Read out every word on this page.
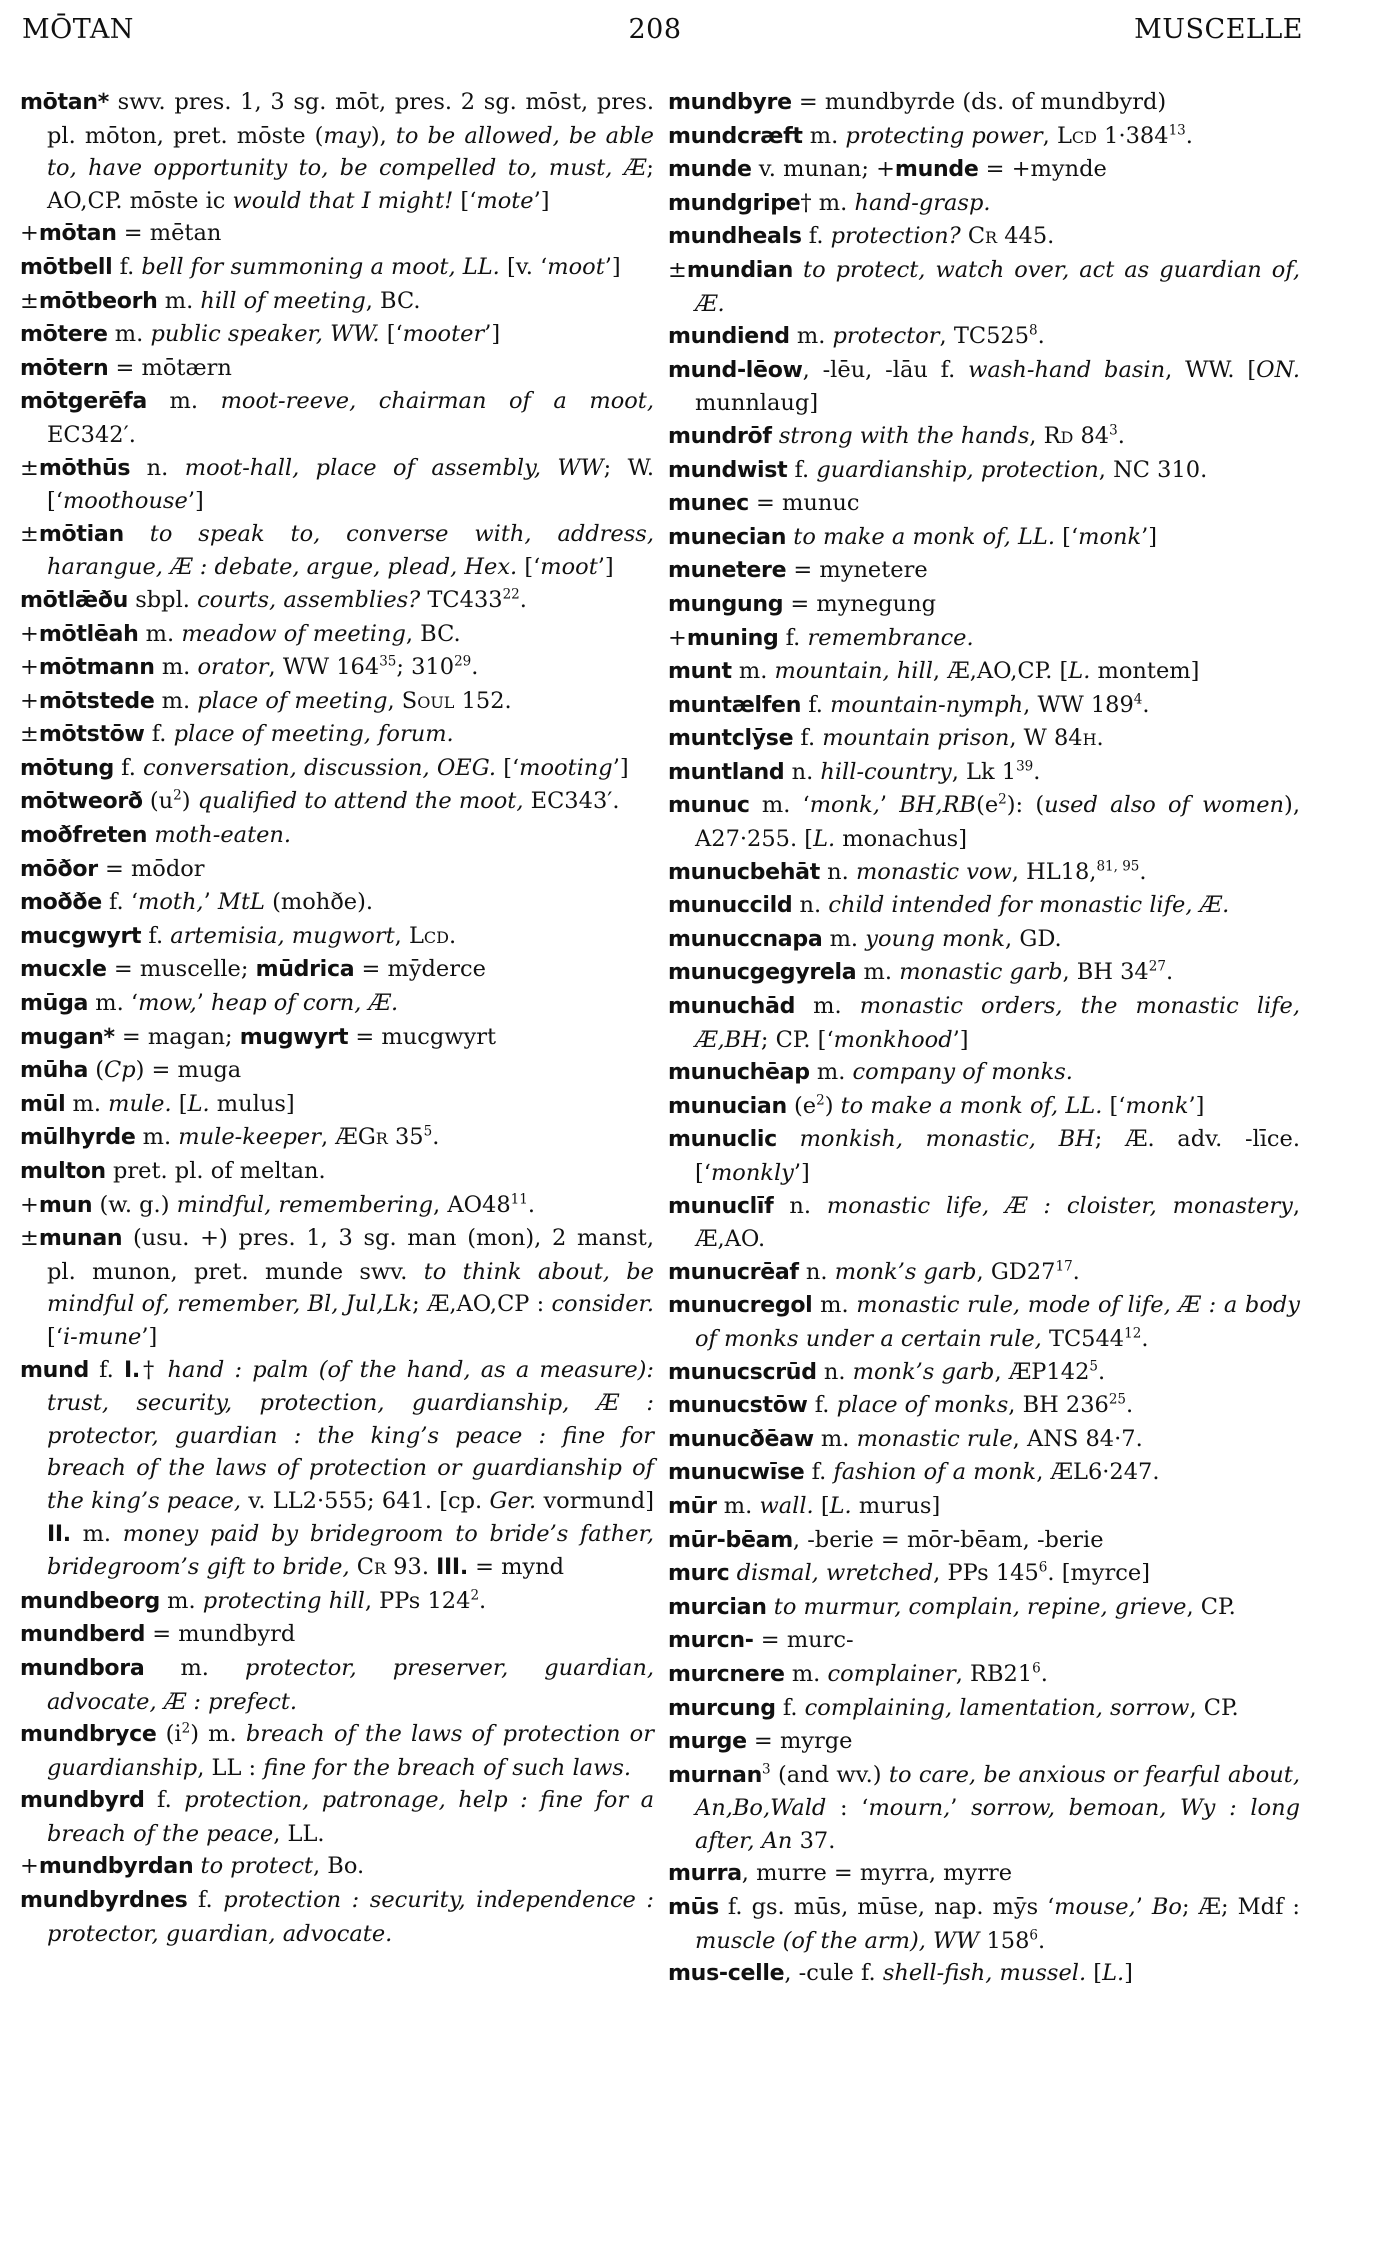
MŌTAN	208	MUSCELLE
mōtan* swv. pres. 1, 3 sg. mōt, pres. 2 sg. mōst, pres. pl. mōton, pret. mōste (may), to be allowed, be able to, have opportunity to, be compelled to, must, Æ; AO,CP. mōste ic would that I might! [‘mote’]
+mōtan = mētan
mōtbell f. bell for summoning a moot, LL. [v. ‘moot’]
±mōtbeorh m. hill of meeting, BC.
mōtere m. public speaker, WW. [‘mooter’]
mōtern = mōtærn
mōtgerēfa m. moot-reeve, chairman of a moot, EC342′.
±mōthūs n. moot-hall, place of assembly, WW; W. [‘moothouse’]
±mōtian to speak to, converse with, address, harangue, Æ : debate, argue, plead, Hex. [‘moot’]
mōtlǣðu sbpl. courts, assemblies? $TC433^{22}$.
+mōtlēah m. meadow of meeting, BC.
+mōtmann m. orator, WW $164^{35}$; $310^{29}$.
+mōtstede m. place of meeting, Soul 152.
±mōtstōw f. place of meeting, forum.
mōtung f. conversation, discussion, OEG. [‘mooting’]
mōtweorð $(u^2)$ qualified to attend the moot, EC343′.
moðfreten moth-eaten.
mōðor = mōdor
moððe f. ‘moth,’ MtL (mohðe).
mucgwyrt f. artemisia, mugwort, Lcd.
mucxle = muscelle; mūdrica = mȳderce
mūga m. ‘mow,’ heap of corn, Æ.
mugan* = magan; mugwyrt = mucgwyrt
mūha (Cp) = muga
mūl m. mule. [L. mulus]
mūlhyrde m. mule-keeper, ÆGr $35^5$.
multon pret. pl. of meltan.
+mun (w. g.) mindful, remembering, $AO48^{11}$.
±munan (usu. +) pres. 1, 3 sg. man (mon), 2 manst, pl. munon, pret. munde swv. to think about, be mindful of, remember, Bl, Jul,Lk; Æ,AO,CP : consider. [‘i-mune’]
mund f. I.† hand : palm (of the hand, as a measure): trust, security, protection, guardianship, Æ : protector, guardian : the king’s peace : fine for breach of the laws of protection or guardianship of the king’s peace, v. LL2·555; 641. [cp. Ger. vormund] II. m. money paid by bridegroom to bride’s father, bridegroom’s gift to bride, Cr 93. III. = mynd
mundbeorg m. protecting hill, PPs $124^2$.
mundberd = mundbyrd
mundbora m. protector, preserver, guardian, advocate, Æ : prefect.
mundbryce $(i^2)$ m. breach of the laws of protection or guardianship, LL : fine for the breach of such laws.
mundbyrd f. protection, patronage, help : fine for a breach of the peace, LL.
+mundbyrdan to protect, Bo.
mundbyrdnes f. protection : security, independence : protector, guardian, advocate.
mundbyre = mundbyrde (ds. of mundbyrd)
mundcræft m. protecting power, Lcd $1\cdot 384^{13}$.
munde v. munan; +munde = +mynde
mundgripe† m. hand-grasp.
mundheals f. protection? Cr 445.
±mundian to protect, watch over, act as guardian of, Æ.
mundiend m. protector, $TC525^8$.
mund-lēow, -lēu, -lāu f. wash-hand basin, WW. [ON. munnlaug]
mundrōf strong with the hands, Rd $84^3$.
mundwist f. guardianship, protection, NC 310.
munec = munuc
munecian to make a monk of, LL. [‘monk’]
munetere = mynetere
mungung = mynegung
+muning f. remembrance.
munt m. mountain, hill, Æ,AO,CP. [L. montem]
muntælfen f. mountain-nymph, WW $189^4$.
muntclȳse f. mountain prison, W 84h.
muntland n. hill-country, Lk $1^{39}$.
munuc m. ‘monk,’ $BH,RB(e^2)$: (used also of women), A27·255. [L. monachus]
munucbehāt n. monastic vow, HL18,$^{81, 95}$.
munuccild n. child intended for monastic life, Æ.
munuccnapa m. young monk, GD.
munucgegyrela m. monastic garb, BH $34^{27}$.
munuchād m. monastic orders, the monastic life, Æ,BH; CP. [‘monkhood’]
munuchēap m. company of monks.
munucian $(e^2)$ to make a monk of, LL. [‘monk’]
munuclic monkish, monastic, BH; Æ. adv. -līce. [‘monkly’]
munuclīf n. monastic life, Æ : cloister, monastery, Æ,AO.
munucrēaf n. monk’s garb, $GD27^{17}$.
munucregol m. monastic rule, mode of life, Æ : a body of monks under a certain rule, $TC544^{12}$.
munucscrūd n. monk’s garb, $ÆP142^5$.
munucstōw f. place of monks, BH $236^{25}$.
munucðēaw m. monastic rule, ANS 84·7.
munucwīse f. fashion of a monk, ÆL6·247.
mūr m. wall. [L. murus]
mūr-bēam, -berie = mōr-bēam, -berie
murc dismal, wretched, PPs $145^6$. [myrce]
murcian to murmur, complain, repine, grieve, CP.
murcn- = murc-
murcnere m. complainer, $RB21^6$.
murcung f. complaining, lamentation, sorrow, CP.
murge = myrge
murnan$^3$ (and wv.) to care, be anxious or fearful about, An,Bo,Wald : ‘mourn,’ sorrow, bemoan, Wy : long after, An 37.
murra, murre = myrra, myrre
mūs f. gs. mūs, mūse, nap. mȳs ‘mouse,’ Bo; Æ; Mdf : muscle (of the arm), WW $158^6$.
mus-celle, -cule f. shell-fish, mussel. [L.]
